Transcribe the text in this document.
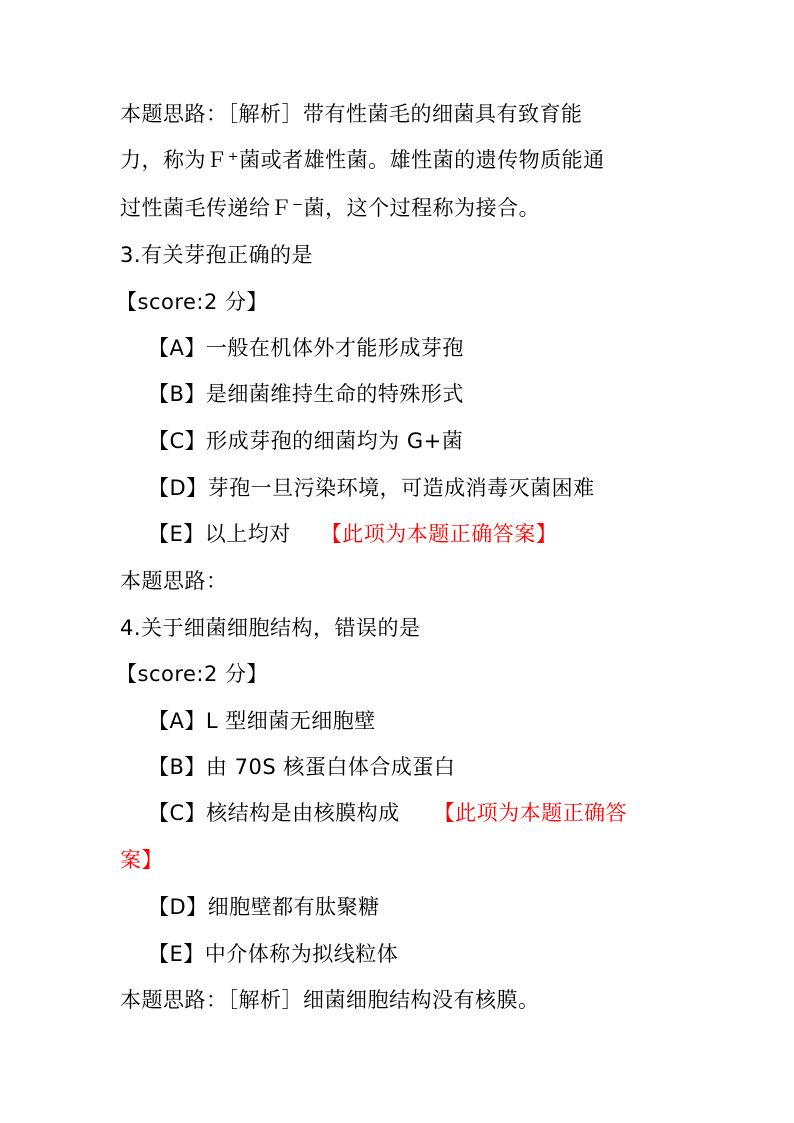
本题思路：［解析］带有性菌毛的细菌具有致育能
力，称为Ｆ⁺菌或者雄性菌。雄性菌的遗传物质能通
过性菌毛传递给Ｆ⁻菌，这个过程称为接合。
3.有关芽孢正确的是
【score:2 分】
【A】一般在机体外才能形成芽孢
【B】是细菌维持生命的特殊形式
【C】形成芽孢的细菌均为 G+菌
【D】芽孢一旦污染环境，可造成消毒灭菌困难
【E】以上均对 【此项为本题正确答案】
本题思路：
4.关于细菌细胞结构，错误的是
【score:2 分】
【A】L 型细菌无细胞壁
【B】由 70S 核蛋白体合成蛋白
【C】核结构是由核膜构成 【此项为本题正确答
案】
【D】细胞壁都有肽聚糖
【E】中介体称为拟线粒体
本题思路：［解析］细菌细胞结构没有核膜。
